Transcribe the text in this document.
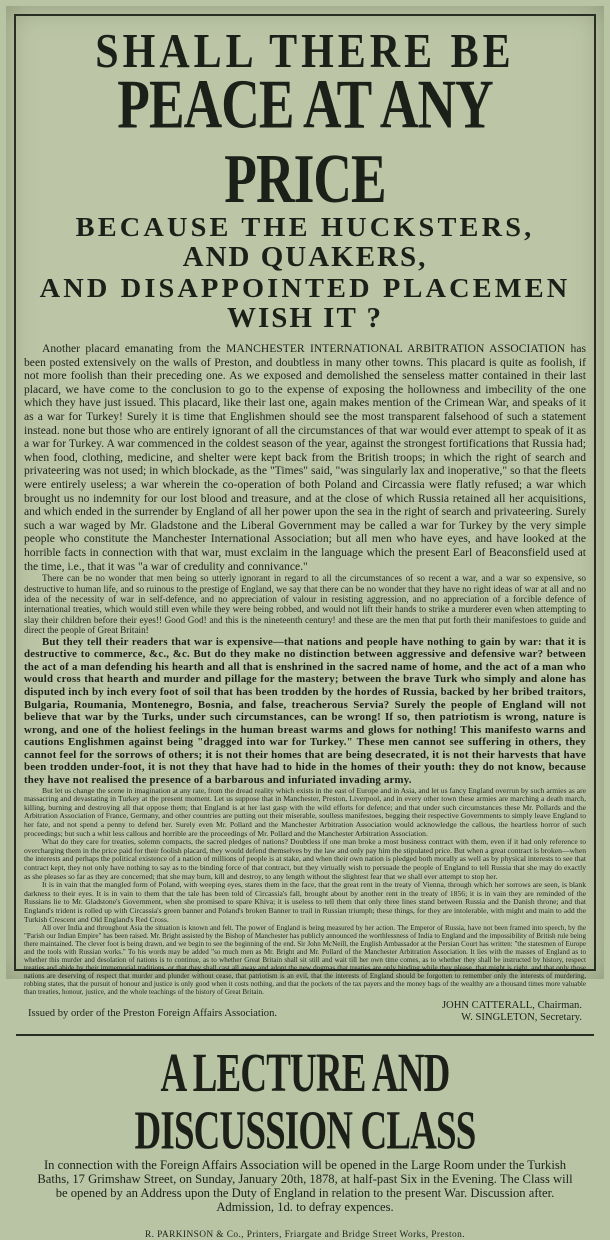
SHALL THERE BE
PEACE AT ANY PRICE
BECAUSE THE HUCKSTERS,
AND QUAKERS,
AND DISAPPOINTED PLACEMEN
WISH IT ?

Another placard emanating from the MANCHESTER INTERNATIONAL ARBITRATION ASSOCIATION has been posted extensively on the walls of Preston, and doubtless in many other towns. This placard is quite as foolish, if not more foolish than their preceding one. As we exposed and demolished the senseless matter contained in their last placard, we have come to the conclusion to go to the expense of exposing the hollowness and imbecility of the one which they have just issued. This placard, like their last one, again makes mention of the Crimean War, and speaks of it as a war for Turkey! Surely it is time that Englishmen should see the most transparent falsehood of such a statement instead. none but those who are entirely ignorant of all the circumstances of that war would ever attempt to speak of it as a war for Turkey. A war commenced in the coldest season of the year, against the strongest fortifications that Russia had; when food, clothing, medicine, and shelter were kept back from the British troops; in which the right of search and privateering was not used; in which blockade, as the "Times" said, "was singularly lax and inoperative," so that the fleets were entirely useless; a war wherein the co-operation of both Poland and Circassia were flatly refused; a war which brought us no indemnity for our lost blood and treasure, and at the close of which Russia retained all her acquisitions, and which ended in the surrender by England of all her power upon the sea in the right of search and privateering. Surely such a war waged by Mr. Gladstone and the Liberal Government may be called a war for Turkey by the very simple people who constitute the Manchester International Association; but all men who have eyes, and have looked at the horrible facts in connection with that war, must exclaim in the language which the present Earl of Beaconsfield used at the time, i.e., that it was "a war of credulity and connivance."

There can be no wonder that men being so utterly ignorant in regard to all the circumstances of so recent a war, and a war so expensive, so destructive to human life, and so ruinous to the prestige of England, we say that there can be no wonder that they have no right ideas of war at all and no idea of the necessity of war in self-defence, and no appreciation of valour in resisting aggression, and no appreciation of a forcible defence of international treaties, which would still even while they were being robbed, and would not lift their hands to strike a murderer even when attempting to slay their children before their eyes!! Good God! and this is the nineteenth century! and these are the men that put forth their manifestoes to guide and direct the people of Great Britain!

But they tell their readers that war is expensive—that nations and people have nothing to gain by war: that it is destructive to commerce, &c., &c. But do they make no distinction between aggressive and defensive war? between the act of a man defending his hearth and all that is enshrined in the sacred name of home, and the act of a man who would cross that hearth and murder and pillage for the mastery; between the brave Turk who simply and alone has disputed inch by inch every foot of soil that has been trodden by the hordes of Russia, backed by her bribed traitors, Bulgaria, Roumania, Montenegro, Bosnia, and false, treacherous Servia? Surely the people of England will not believe that war by the Turks, under such circumstances, can be wrong! If so, then patriotism is wrong, nature is wrong, and one of the holiest feelings in the human breast warms and glows for nothing! This manifesto warns and cautions Englishmen against being "dragged into war for Turkey." These men cannot see suffering in others, they cannot feel for the sorrows of others; it is not their homes that are being desecrated, it is not their harvests that have been trodden under-foot, it is not they that have had to hide in the homes of their youth: they do not know, because they have not realised the presence of a barbarous and infuriated invading army.

But let us change the scene in imagination at any rate, from the dread reality which exists in the east of Europe and in Asia, and let us fancy England overrun by such armies as are massacring and devastating in Turkey at the present moment. Let us suppose that in Manchester, Preston, Liverpool, and in every other town these armies are marching a death march, killing, burning and destroying all that oppose them; that England is at her last gasp with the wild efforts for defence; and that under such circumstances these Mr. Pollards and the Arbitration Association of France, Germany, and other countries are putting out their miserable, soulless manifestoes, begging their respective Governments to simply leave England to her fate, and not spend a penny to defend her. Surely even Mr. Pollard and the Manchester Arbitration Association would acknowledge the callous, the heartless horror of such proceedings; but such a whit less callous and horrible are the proceedings of Mr. Pollard and the Manchester Arbitration Association.

What do they care for treaties, solemn compacts, the sacred pledges of nations? Doubtless if one man broke a most business contract with them, even if it had only reference to overcharging them in the price paid for their foolish placard, they would defend themselves by the law and only pay him the stipulated price. But when a great contract is broken—when the interests and perhaps the political existence of a nation of millions of people is at stake, and when their own nation is pledged both morally as well as by physical interests to see that contract kept, they not only have nothing to say as to the binding force of that contract, but they virtually wish to persuade the people of England to tell Russia that she may do exactly as she pleases so far as they are concerned; that she may burn, kill and destroy, to any length without the slightest fear that we shall ever attempt to stop her.

It is in vain that the mangled form of Poland, with weeping eyes, stares them in the face, that the great rent in the treaty of Vienna, through which her sorrows are seen, is blank darkness to their eyes. It is in vain to them that the tale has been told of Circassia's fall, brought about by another rent in the treaty of 1856; it is in vain they are reminded of the Russians lie to Mr. Gladstone's Government, when she promised to spare Khiva; it is useless to tell them that only three lines stand between Russia and the Danish throne; and that England's trident is rolled up with Circassia's green banner and Poland's broken Banner to trail in Russian triumph; these things, for they are intolerable, with might and main to add the Turkish Crescent and Old England's Red Cross.

All over India and throughout Asia the situation is known and felt. The power of England is being measured by her action. The Emperor of Russia, have not been framed into speech, by the "Parish our Indian Empire" has been raised. Mr. Bright assisted by the Bishop of Manchester has publicly announced the worthlessness of India to England and the impossibility of British rule being there maintained. The clever foot is being drawn, and we begin to see the beginning of the end. Sir John McNeill, the English Ambassador at the Persian Court has written: "the statesmen of Europe and the tools with Russian works." To his words may be added "so much men as Mr. Bright and Mr. Pollard of the Manchester Arbitration Association. It lies with the masses of England as to whether this murder and desolation of nations is to continue, as to whether Great Britain shall sit still and wait till her own time comes, as to whether they shall be instructed by history, respect treaties and abide by their immemorial traditions, or that they shall cast all away and adopt the new dogmas that treaties are only binding while they please, that might is right, and that only those nations are deserving of respect that murder and plunder without cease, that patriotism is an evil, that the interests of England should be forgotten to remember only the interests of murdering, robbing states, that the pursuit of honour and justice is only good when it costs nothing, and that the pockets of the tax payers and the money bags of the wealthy are a thousand times more valuable than treaties, honour, justice, and the whole teachings of the history of Great Britain.

Issued by order of the Preston Foreign Affairs Association.
JOHN CATTERALL, Chairman.
W. SINGLETON, Secretary.
A LECTURE AND DISCUSSION CLASS
In connection with the Foreign Affairs Association will be opened in the Large Room under the Turkish Baths, 17 Grimshaw Street, on Sunday, January 20th, 1878, at half-past Six in the Evening. The Class will be opened by an Address upon the Duty of England in relation to the present War. Discussion after. Admission, 1d. to defray expences.
R. PARKINSON & Co., Printers, Friargate and Bridge Street Works, Preston.
